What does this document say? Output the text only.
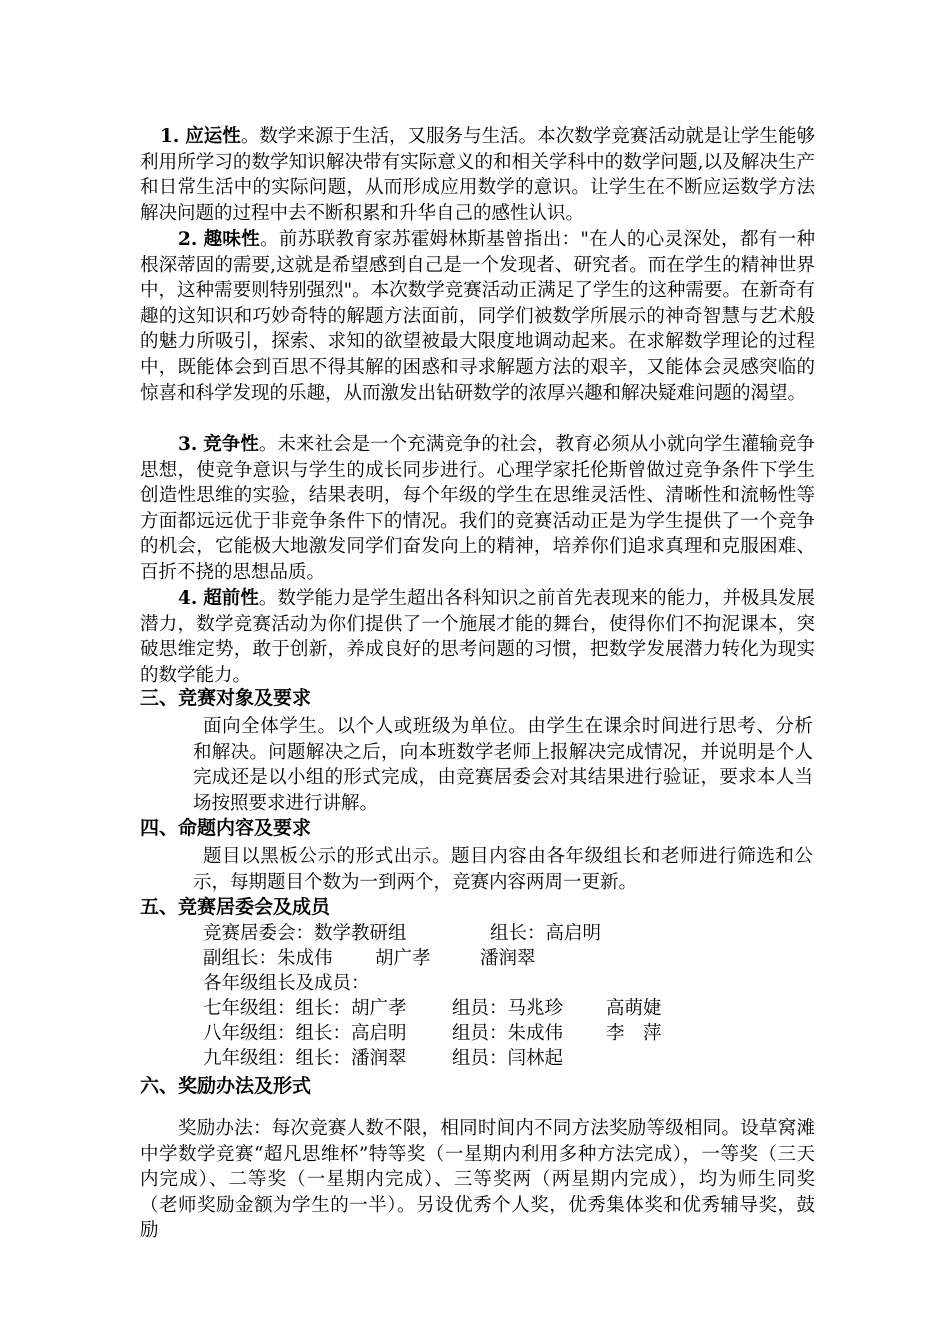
1. 应运性。数学来源于生活，又服务与生活。本次数学竞赛活动就是让学生能够利用所学习的数学知识解决带有实际意义的和相关学科中的数学问题,以及解决生产和日常生活中的实际问题，从而形成应用数学的意识。让学生在不断应运数学方法解决问题的过程中去不断积累和升华自己的感性认识。
2. 趣味性。前苏联教育家苏霍姆林斯基曾指出："在人的心灵深处，都有一种根深蒂固的需要,这就是希望感到自己是一个发现者、研究者。而在学生的精神世界中，这种需要则特别强烈"。本次数学竞赛活动正满足了学生的这种需要。在新奇有趣的这知识和巧妙奇特的解题方法面前，同学们被数学所展示的神奇智慧与艺术般的魅力所吸引，探索、求知的欲望被最大限度地调动起来。在求解数学理论的过程中，既能体会到百思不得其解的困惑和寻求解题方法的艰辛，又能体会灵感突临的惊喜和科学发现的乐趣，从而激发出钻研数学的浓厚兴趣和解决疑难问题的渴望。
3. 竞争性。未来社会是一个充满竞争的社会，教育必须从小就向学生灌输竞争思想，使竞争意识与学生的成长同步进行。心理学家托伦斯曾做过竞争条件下学生创造性思维的实验，结果表明，每个年级的学生在思维灵活性、清晰性和流畅性等方面都远远优于非竞争条件下的情况。我们的竞赛活动正是为学生提供了一个竞争的机会，它能极大地激发同学们奋发向上的精神，培养你们追求真理和克服困难、百折不挠的思想品质。
4. 超前性。数学能力是学生超出各科知识之前首先表现来的能力，并极具发展潜力，数学竞赛活动为你们提供了一个施展才能的舞台，使得你们不拘泥课本，突破思维定势，敢于创新，养成良好的思考问题的习惯，把数学发展潜力转化为现实的数学能力。
三、竞赛对象及要求
面向全体学生。以个人或班级为单位。由学生在课余时间进行思考、分析和解决。问题解决之后，向本班数学老师上报解决完成情况，并说明是个人完成还是以小组的形式完成，由竞赛居委会对其结果进行验证，要求本人当场按照要求进行讲解。
四、命题内容及要求
题目以黑板公示的形式出示。题目内容由各年级组长和老师进行筛选和公示，每期题目个数为一到两个，竞赛内容两周一更新。
五、竞赛居委会及成员
竞赛居委会：数学教研组	组长：高启明
副组长：朱成伟 胡广孝	潘润翠
各年级组长及成员：
七年级组：组长：胡广孝 组员：马兆珍 高萌婕
八年级组：组长：高启明 组员：朱成伟 李　萍
九年级组：组长：潘润翠 组员：闫林起
六、奖励办法及形式
奖励办法：每次竞赛人数不限，相同时间内不同方法奖励等级相同。设草窝滩中学数学竞赛“超凡思维杯”特等奖（一星期内利用多种方法完成），一等奖（三天内完成）、二等奖（一星期内完成）、三等奖两（两星期内完成），均为师生同奖（老师奖励金额为学生的一半）。另设优秀个人奖，优秀集体奖和优秀辅导奖，鼓励
